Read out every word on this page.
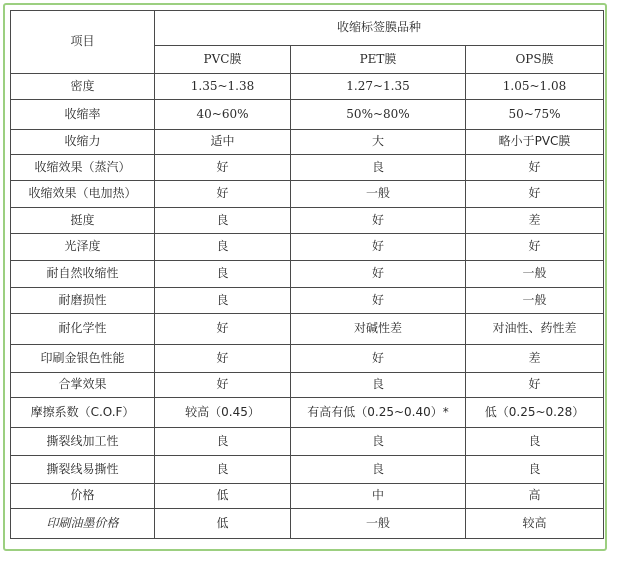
项目	收缩标签膜品种		
	PVC膜	PET膜	OPS膜
密度	1.35~1.38	1.27~1.35	1.05~1.08
收缩率	40~60%	50%~80%	50~75%
收缩力	适中	大	略小于PVC膜
收缩效果（蒸汽）	好	良	好
收缩效果（电加热）	好	一般	好
挺度	良	好	差
光泽度	良	好	好
耐自然收缩性	良	好	一般
耐磨损性	良	好	一般
耐化学性	好	对碱性差	对油性、药性差
印刷金银色性能	好	好	差
合掌效果	好	良	好
摩擦系数（C.O.F）	较高（0.45）	有高有低（0.25~0.40）*	低（0.25~0.28）
撕裂线加工性	良	良	良
撕裂线易撕性	良	良	良
价格	低	中	高
印刷油墨价格	低	一般	较高
